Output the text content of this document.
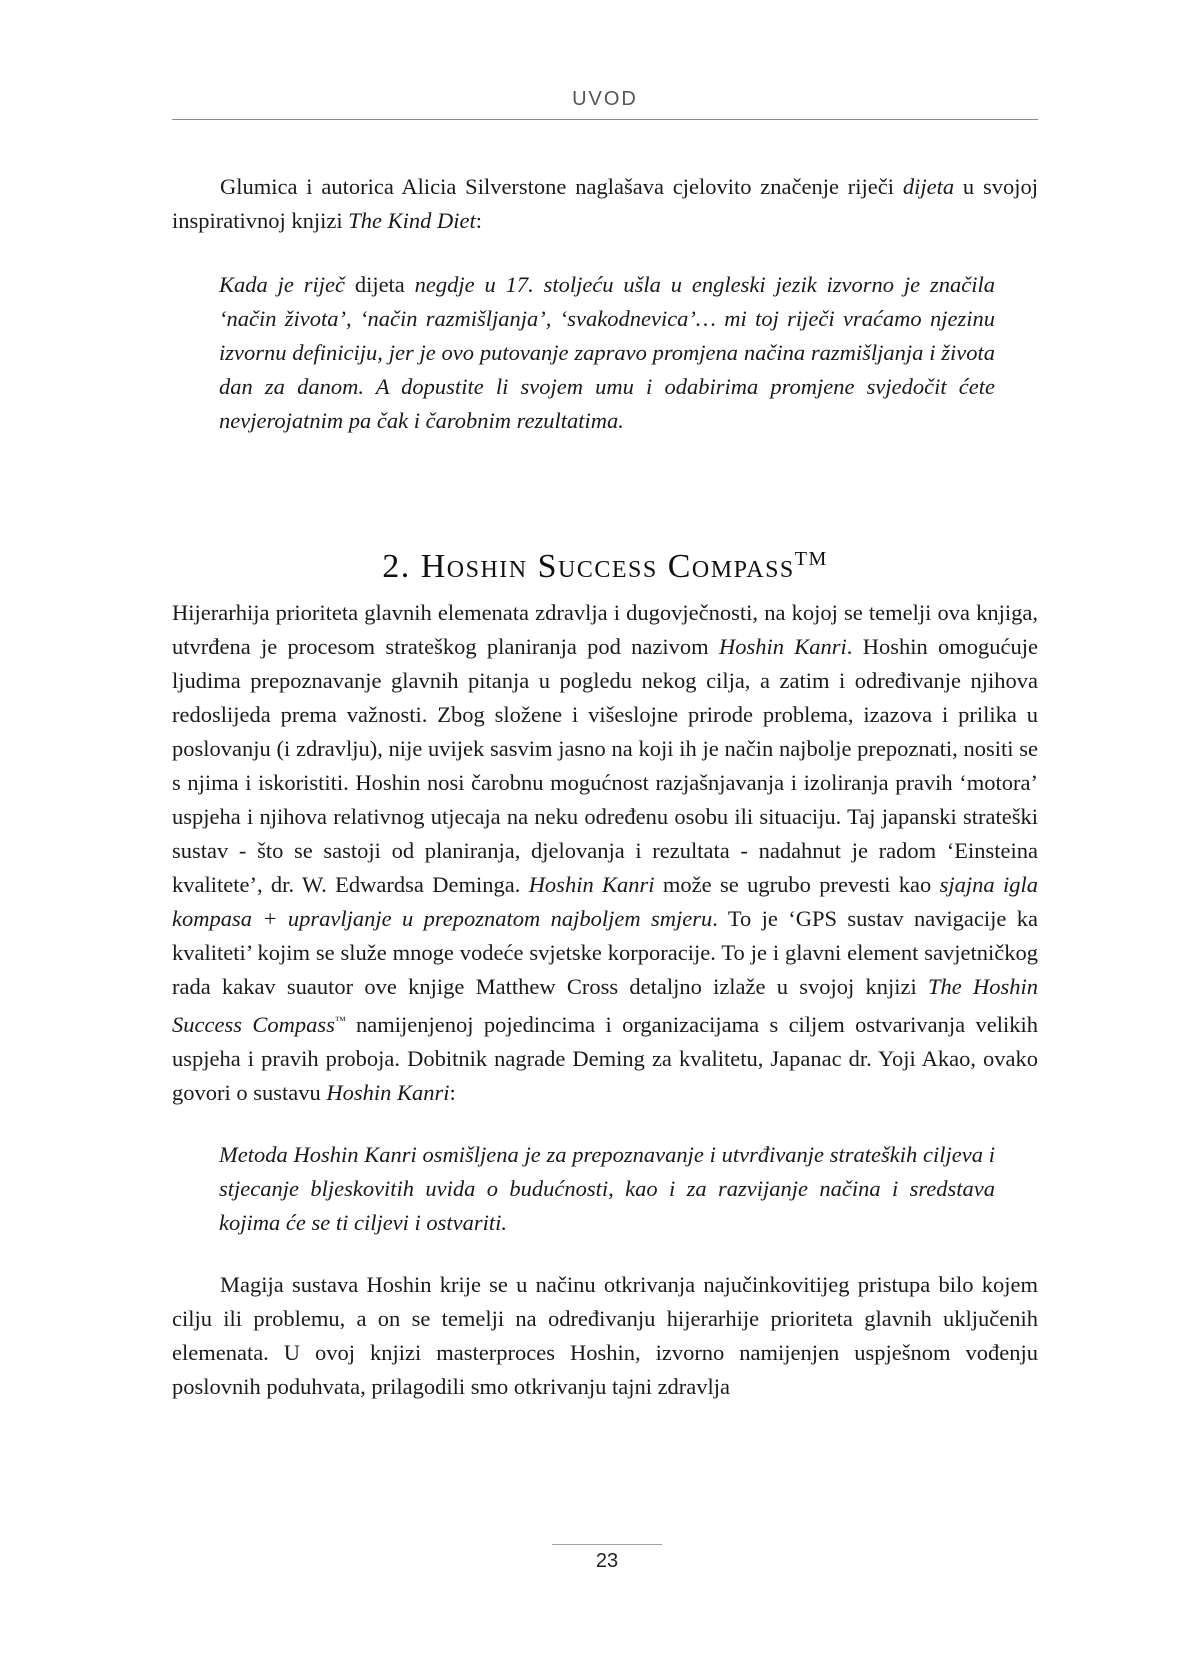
UVOD

Glumica i autorica Alicia Silverstone naglašava cjelovito značenje riječi dijeta u svojoj inspirativnoj knjizi The Kind Diet:

Kada je riječ dijeta negdje u 17. stoljeću ušla u engleski jezik izvorno je značila ‘način života’, ‘način razmišljanja’, ‘svakodnevica’… mi toj riječi vraćamo njezinu izvornu definiciju, jer je ovo putovanje zapravo promjena načina razmišljanja i života dan za danom. A dopustite li svojem umu i odabirima promjene svjedočit ćete nevjerojatnim pa čak i čarobnim rezultatima.

2. Hoshin Success Compass™

Hijerarhija prioriteta glavnih elemenata zdravlja i dugovječnosti, na kojoj se temelji ova knjiga, utvrđena je procesom strateškog planiranja pod nazivom Hoshin Kanri. Hoshin omogućuje ljudima prepoznavanje glavnih pitanja u pogledu nekog cilja, a zatim i određivanje njihova redoslijeda prema važnosti. Zbog složene i višeslojne prirode problema, izazova i prilika u poslovanju (i zdravlju), nije uvijek sasvim jasno na koji ih je način najbolje prepoznati, nositi se s njima i iskoristiti. Hoshin nosi čarobnu mogućnost razjašnjavanja i izoliranja pravih ‘motora’ uspjeha i njihova relativnog utjecaja na neku određenu osobu ili situaciju. Taj japanski strateški sustav - što se sastoji od planiranja, djelovanja i rezultata - nadahnut je radom ‘Einsteina kvalitete’, dr. W. Edwardsa Deminga. Hoshin Kanri može se ugrubo prevesti kao sjajna igla kompasa + upravljanje u prepoznatom najboljem smjeru. To je ‘GPS sustav navigacije ka kvaliteti’ kojim se služe mnoge vodeće svjetske korporacije. To je i glavni element savjetničkog rada kakav suautor ove knjige Matthew Cross detaljno izlaže u svojoj knjizi The Hoshin Success Compass™ namijenjenoj pojedincima i organizacijama s ciljem ostvarivanja velikih uspjeha i pravih proboja. Dobitnik nagrade Deming za kvalitetu, Japanac dr. Yoji Akao, ovako govori o sustavu Hoshin Kanri:

Metoda Hoshin Kanri osmišljena je za prepoznavanje i utvrđivanje strateških ciljeva i stjecanje bljeskovitih uvida o budućnosti, kao i za razvijanje načina i sredstava kojima će se ti ciljevi i ostvariti.

Magija sustava Hoshin krije se u načinu otkrivanja najučinkovitijeg pristupa bilo kojem cilju ili problemu, a on se temelji na određivanju hijerarhije prioriteta glavnih uključenih elemenata. U ovoj knjizi masterproces Hoshin, izvorno namijenjen uspješnom vođenju poslovnih poduhvata, prilagodili smo otkrivanju tajni zdravlja

23
